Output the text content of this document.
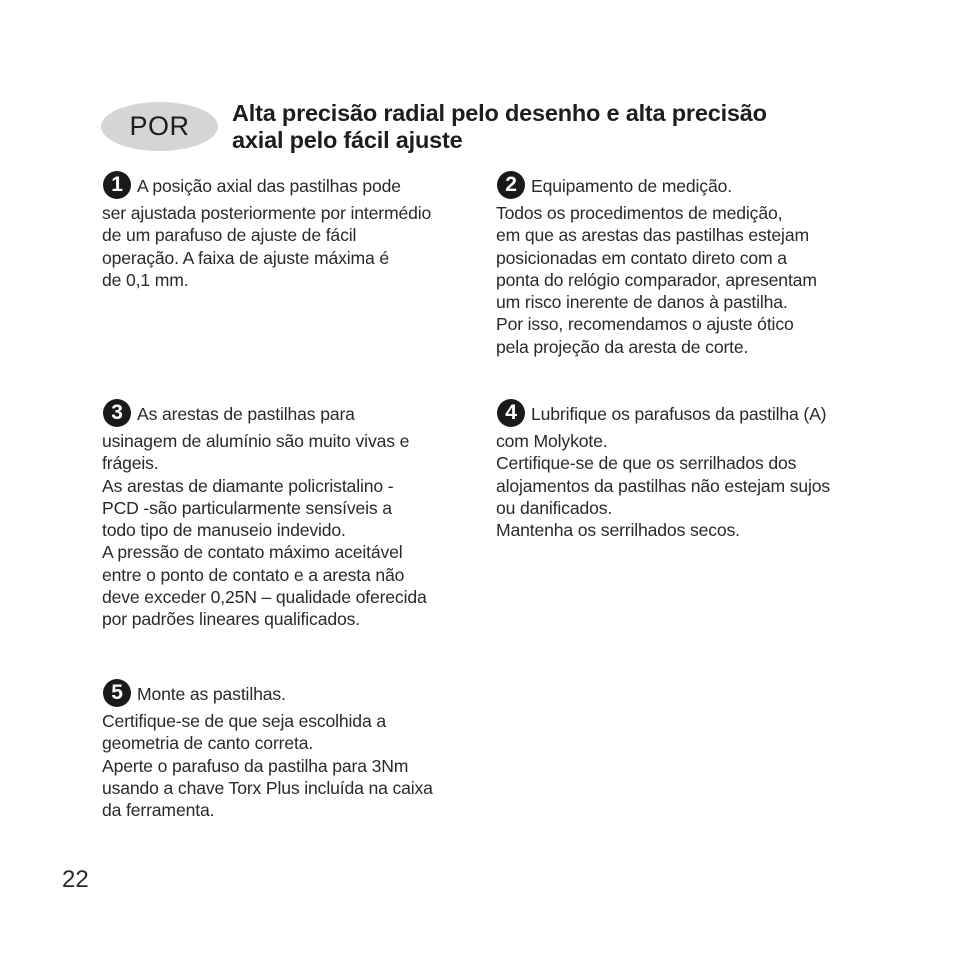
POR Alta precisão radial pelo desenho e alta precisão
axial pelo fácil ajuste
1 A posição axial das pastilhas pode
ser ajustada posteriormente por intermédio
de um parafuso de ajuste de fácil
operação. A faixa de ajuste máxima é
de 0,1 mm.
2 Equipamento de medição.
Todos os procedimentos de medição,
em que as arestas das pastilhas estejam
posicionadas em contato direto com a
ponta do relógio comparador, apresentam
um risco inerente de danos à pastilha.
Por isso, recomendamos o ajuste ótico
pela projeção da aresta de corte.
3 As arestas de pastilhas para
usinagem de alumínio são muito vivas e
frágeis.
As arestas de diamante policristalino -
PCD -são particularmente sensíveis a
todo tipo de manuseio indevido.
A pressão de contato máximo aceitável
entre o ponto de contato e a aresta não
deve exceder 0,25N – qualidade oferecida
por padrões lineares qualificados.
4 Lubrifique os parafusos da pastilha (A)
com Molykote.
Certifique-se de que os serrilhados dos
alojamentos da pastilhas não estejam sujos
ou danificados.
Mantenha os serrilhados secos.
5 Monte as pastilhas.
Certifique-se de que seja escolhida a
geometria de canto correta.
Aperte o parafuso da pastilha para 3Nm
usando a chave Torx Plus incluída na caixa
da ferramenta.
22
